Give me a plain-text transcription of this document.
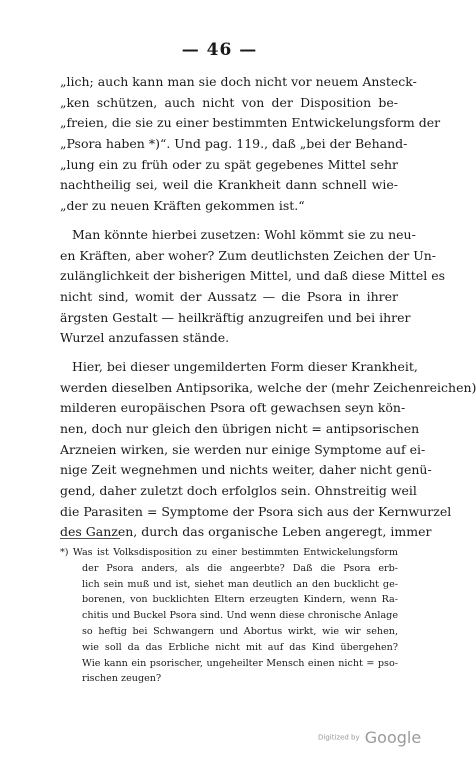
— 46 —
„lich; auch kann man sie doch nicht vor neuem Ansteck-
„ken schützen, auch nicht von der Disposition be-
„freien, die sie zu einer bestimmten Entwickelungsform der
„Psora haben *)“. Und pag. 119., daß „bei der Behand-
„lung ein zu früh oder zu spät gegebenes Mittel sehr
nachtheilig sei, weil die Krankheit dann schnell wie-
„der zu neuen Kräften gekommen ist.“
Man könnte hierbei zusetzen: Wohl kömmt sie zu neu-
en Kräften, aber woher? Zum deutlichsten Zeichen der Un-
zulänglichkeit der bisherigen Mittel, und daß diese Mittel es
nicht sind, womit der Aussatz — die Psora in ihrer
ärgsten Gestalt — heilkräftig anzugreifen und bei ihrer
Wurzel anzufassen stände.
Hier, bei dieser ungemilderten Form dieser Krankheit,
werden dieselben Antipsorika, welche der (mehr Zeichenreichen)
milderen europäischen Psora oft gewachsen seyn kön-
nen, doch nur gleich den übrigen nicht = antipsorischen
Arzneien wirken, sie werden nur einige Symptome auf ei-
nige Zeit wegnehmen und nichts weiter, daher nicht genü-
gend, daher zuletzt doch erfolglos sein. Ohnstreitig weil
die Parasiten = Symptome der Psora sich aus der Kernwurzel
des Ganzen, durch das organische Leben angeregt, immer
*) Was ist Volksdisposition zu einer bestimmten Entwickelungsform
der Psora anders, als die angeerbte? Daß die Psora erb-
lich sein muß und ist, siehet man deutlich an den bucklicht ge-
borenen, von bucklichten Eltern erzeugten Kindern, wenn Ra-
chitis und Buckel Psora sind. Und wenn diese chronische Anlage
so heftig bei Schwangern und Abortus wirkt, wie wir sehen,
wie soll da das Erbliche nicht mit auf das Kind übergehen?
Wie kann ein psorischer, ungeheilter Mensch einen nicht = pso-
rischen zeugen?
Digitized by Google
